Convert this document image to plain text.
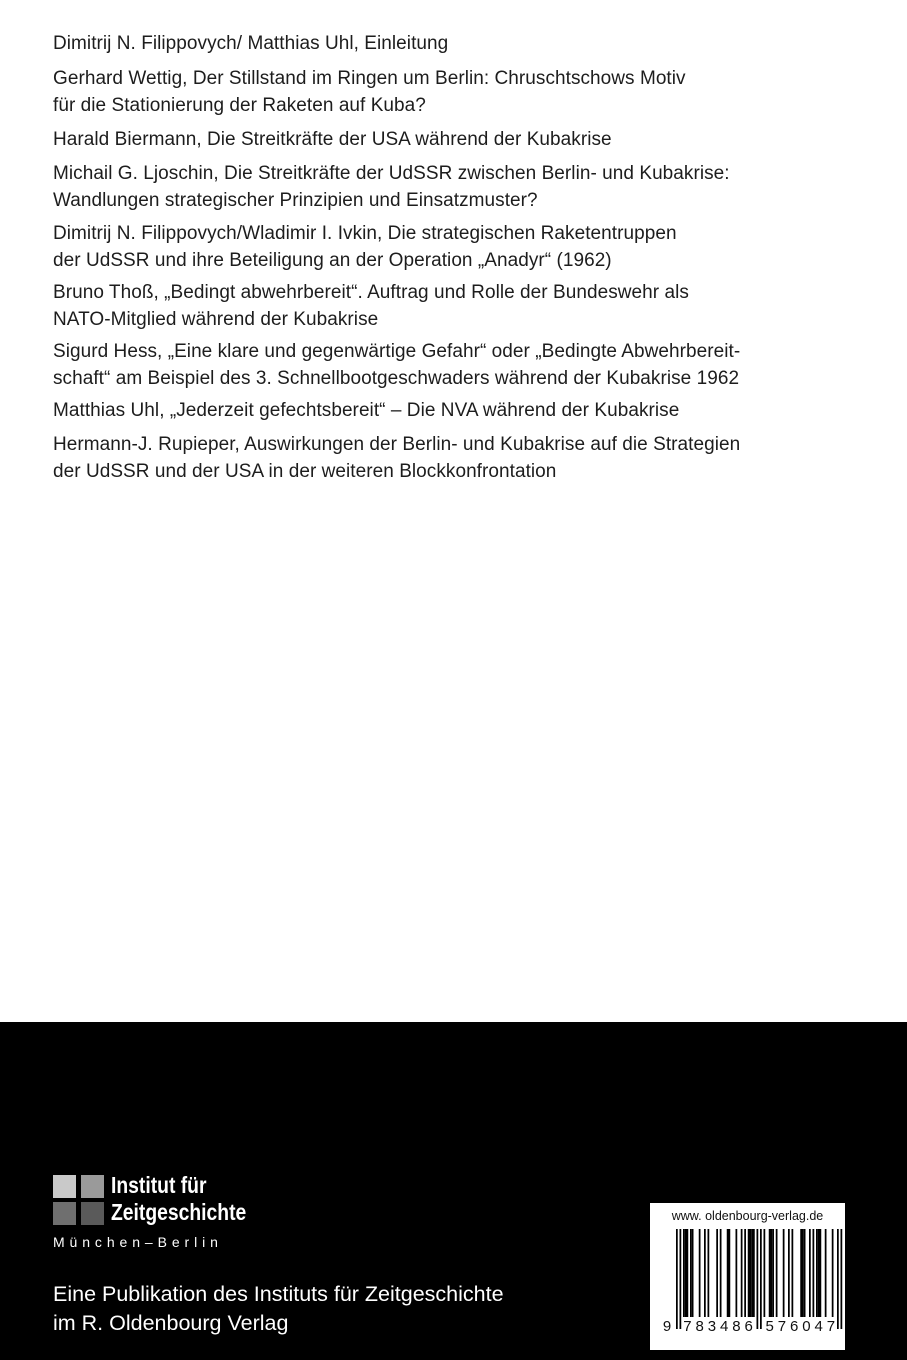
Dimitrij N. Filippovych/ Matthias Uhl, Einleitung
Gerhard Wettig, Der Stillstand im Ringen um Berlin: Chruschtschows Motiv
für die Stationierung der Raketen auf Kuba?
Harald Biermann, Die Streitkräfte der USA während der Kubakrise
Michail G. Ljoschin, Die Streitkräfte der UdSSR zwischen Berlin- und Kubakrise:
Wandlungen strategischer Prinzipien und Einsatzmuster?
Dimitrij N. Filippovych/Wladimir I. Ivkin, Die strategischen Raketentruppen
der UdSSR und ihre Beteiligung an der Operation „Anadyr“ (1962)
Bruno Thoß, „Bedingt abwehrbereit“. Auftrag und Rolle der Bundeswehr als
NATO-Mitglied während der Kubakrise
Sigurd Hess, „Eine klare und gegenwärtige Gefahr“ oder „Bedingte Abwehrbereit-
schaft“ am Beispiel des 3. Schnellbootgeschwaders während der Kubakrise 1962
Matthias Uhl, „Jederzeit gefechtsbereit“ – Die NVA während der Kubakrise
Hermann-J. Rupieper, Auswirkungen der Berlin- und Kubakrise auf die Strategien
der UdSSR und der USA in der weiteren Blockkonfrontation
Institut für
Zeitgeschichte
München–Berlin
Eine Publikation des Instituts für Zeitgeschichte
im R. Oldenbourg Verlag
www. oldenbourg-verlag.de
9 7 8 3 4 8 6 5 7 6 0 4 7
